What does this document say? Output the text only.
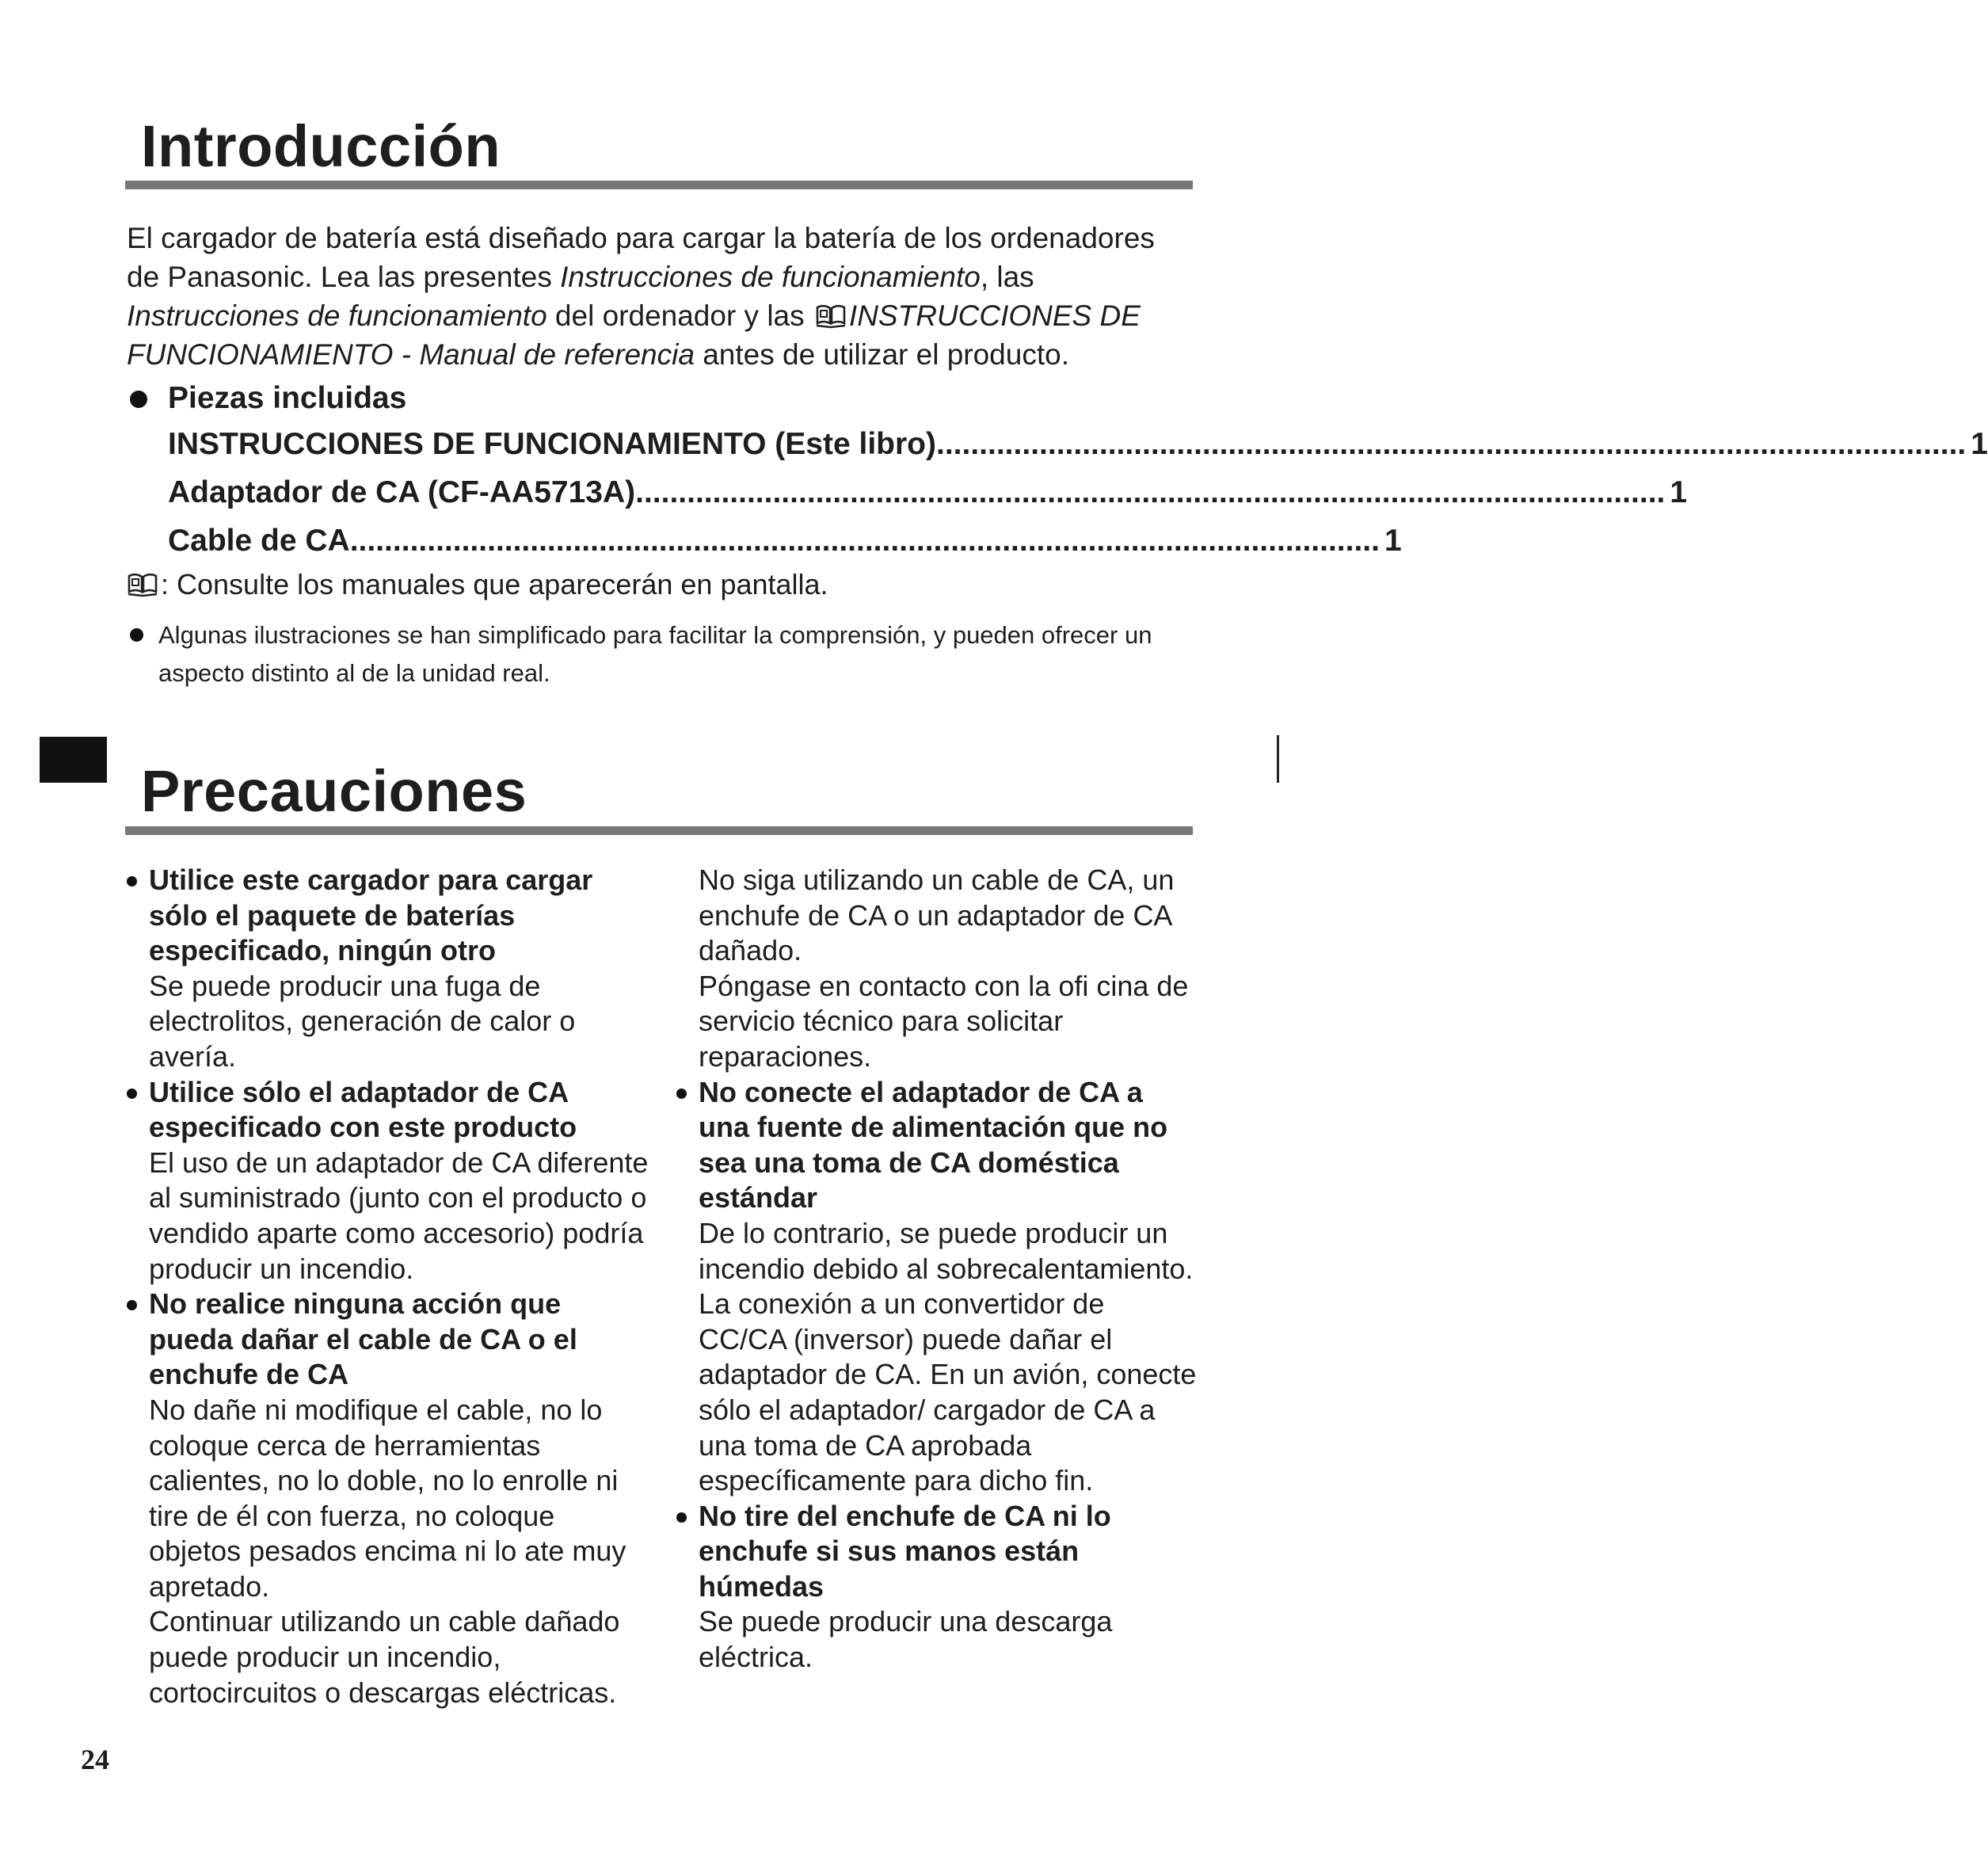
Introducción

El cargador de batería está diseñado para cargar la batería de los ordenadores de Panasonic. Lea las presentes Instrucciones de funcionamiento, las Instrucciones de funcionamiento del ordenador y las INSTRUCCIONES DE FUNCIONAMIENTO - Manual de referencia antes de utilizar el producto.

Piezas incluidas
INSTRUCCIONES DE FUNCIONAMIENTO (Este libro) ........................................................................................................................ 1
Adaptador de CA (CF-AA5713A) ........................................................................................................................ 1
Cable de CA ........................................................................................................................ 1
: Consulte los manuales que aparecerán en pantalla.
Algunas ilustraciones se han simplificado para facilitar la comprensión, y pueden ofrecer un aspecto distinto al de la unidad real.
Precauciones
Utilice este cargador para cargar sólo el paquete de baterías especificado, ningún otro
Se puede producir una fuga de electrolitos, generación de calor o avería.
Utilice sólo el adaptador de CA especificado con este producto
El uso de un adaptador de CA diferente al suministrado (junto con el producto o vendido aparte como accesorio) podría producir un incendio.
No realice ninguna acción que pueda dañar el cable de CA o el enchufe de CA
No dañe ni modifique el cable, no lo coloque cerca de herramientas calientes, no lo doble, no lo enrolle ni tire de él con fuerza, no coloque objetos pesados encima ni lo ate muy apretado.
Continuar utilizando un cable dañado puede producir un incendio, cortocircuitos o descargas eléctricas.
No siga utilizando un cable de CA, un enchufe de CA o un adaptador de CA dañado.
Póngase en contacto con la ofi cina de servicio técnico para solicitar reparaciones.
No conecte el adaptador de CA a una fuente de alimentación que no sea una toma de CA doméstica estándar
De lo contrario, se puede producir un incendio debido al sobrecalentamiento. La conexión a un convertidor de CC/CA (inversor) puede dañar el adaptador de CA. En un avión, conecte sólo el adaptador/ cargador de CA a una toma de CA aprobada específicamente para dicho fin.
No tire del enchufe de CA ni lo enchufe si sus manos están húmedas
Se puede producir una descarga eléctrica.
24
